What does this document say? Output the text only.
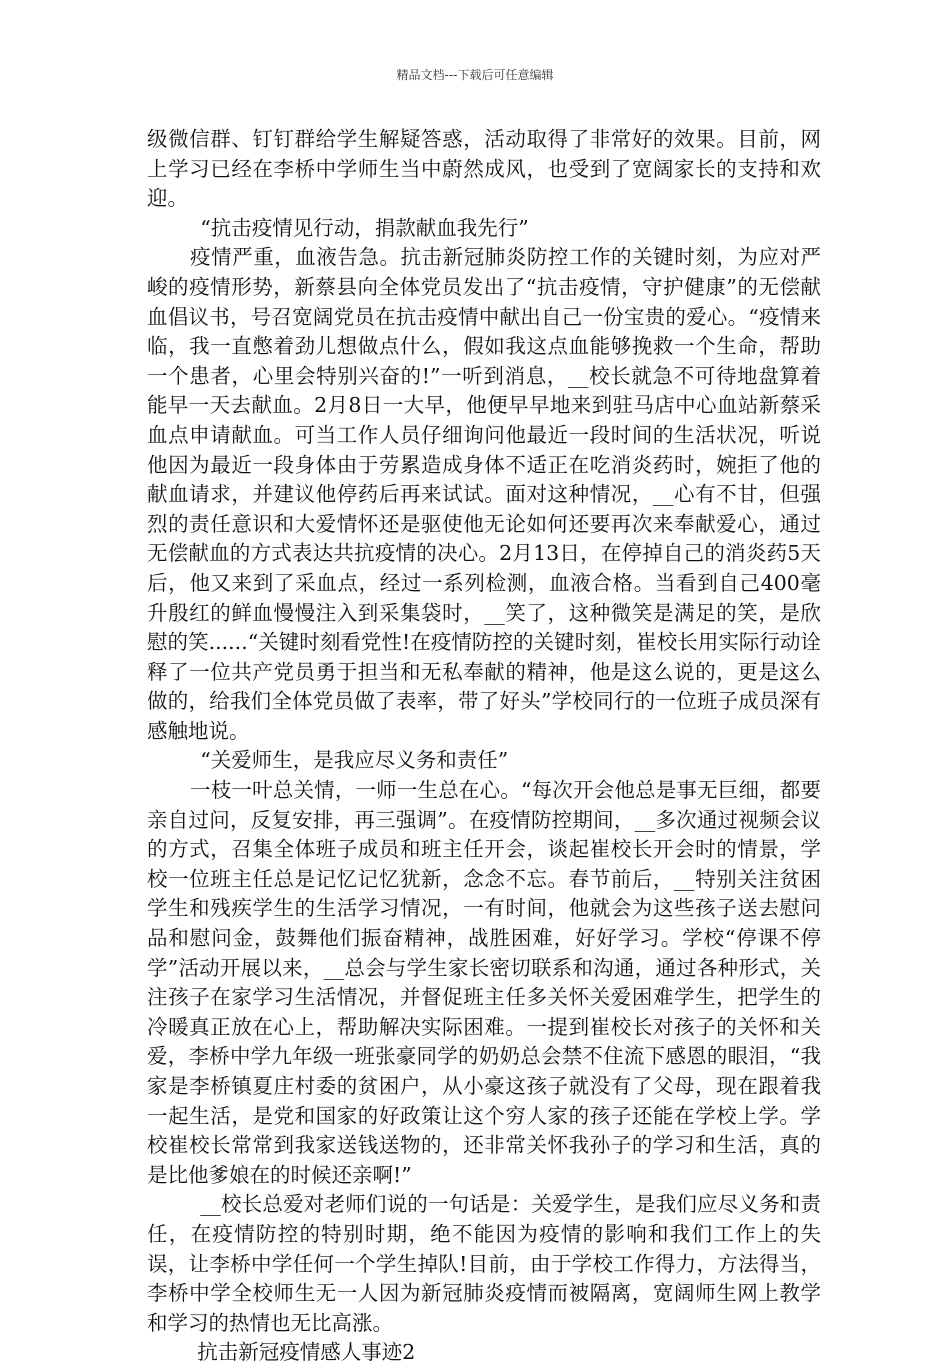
精品文档---下载后可任意编辑

级微信群、钉钉群给学生解疑答惑，活动取得了非常好的效果。目前，网上学习已经在李桥中学师生当中蔚然成风，也受到了宽阔家长的支持和欢迎。

“抗击疫情见行动，捐款献血我先行”

疫情严重，血液告急。抗击新冠肺炎防控工作的关键时刻，为应对严峻的疫情形势，新蔡县向全体党员发出了“抗击疫情，守护健康”的无偿献血倡议书，号召宽阔党员在抗击疫情中献出自己一份宝贵的爱心。“疫情来临，我一直憋着劲儿想做点什么，假如我这点血能够挽救一个生命，帮助一个患者，心里会特别兴奋的!”一听到消息，__校长就急不可待地盘算着能早一天去献血。2月8日一大早，他便早早地来到驻马店中心血站新蔡采血点申请献血。可当工作人员仔细询问他最近一段时间的生活状况，听说他因为最近一段身体由于劳累造成身体不适正在吃消炎药时，婉拒了他的献血请求，并建议他停药后再来试试。面对这种情况，__心有不甘，但强烈的责任意识和大爱情怀还是驱使他无论如何还要再次来奉献爱心，通过无偿献血的方式表达共抗疫情的决心。2月13日，在停掉自己的消炎药5天后，他又来到了采血点，经过一系列检测，血液合格。当看到自己400毫升殷红的鲜血慢慢注入到采集袋时，__笑了，这种微笑是满足的笑，是欣慰的笑......“关键时刻看党性!在疫情防控的关键时刻，崔校长用实际行动诠释了一位共产党员勇于担当和无私奉献的精神，他是这么说的，更是这么做的，给我们全体党员做了表率，带了好头”学校同行的一位班子成员深有感触地说。

“关爱师生，是我应尽义务和责任”

一枝一叶总关情，一师一生总在心。“每次开会他总是事无巨细，都要亲自过问，反复安排，再三强调”。在疫情防控期间，__多次通过视频会议的方式，召集全体班子成员和班主任开会，谈起崔校长开会时的情景，学校一位班主任总是记忆记忆犹新，念念不忘。春节前后，__特别关注贫困学生和残疾学生的生活学习情况，一有时间，他就会为这些孩子送去慰问品和慰问金，鼓舞他们振奋精神，战胜困难，好好学习。学校“停课不停学”活动开展以来，__总会与学生家长密切联系和沟通，通过各种形式，关注孩子在家学习生活情况，并督促班主任多关怀关爱困难学生，把学生的冷暖真正放在心上，帮助解决实际困难。一提到崔校长对孩子的关怀和关爱，李桥中学九年级一班张豪同学的奶奶总会禁不住流下感恩的眼泪，“我家是李桥镇夏庄村委的贫困户，从小豪这孩子就没有了父母，现在跟着我一起生活，是党和国家的好政策让这个穷人家的孩子还能在学校上学。学校崔校长常常到我家送钱送物的，还非常关怀我孙子的学习和生活，真的是比他爹娘在的时候还亲啊!”

__校长总爱对老师们说的一句话是：关爱学生，是我们应尽义务和责任，在疫情防控的特别时期，绝不能因为疫情的影响和我们工作上的失误，让李桥中学任何一个学生掉队!目前，由于学校工作得力，方法得当，李桥中学全校师生无一人因为新冠肺炎疫情而被隔离，宽阔师生网上教学和学习的热情也无比高涨。

抗击新冠疫情感人事迹2
